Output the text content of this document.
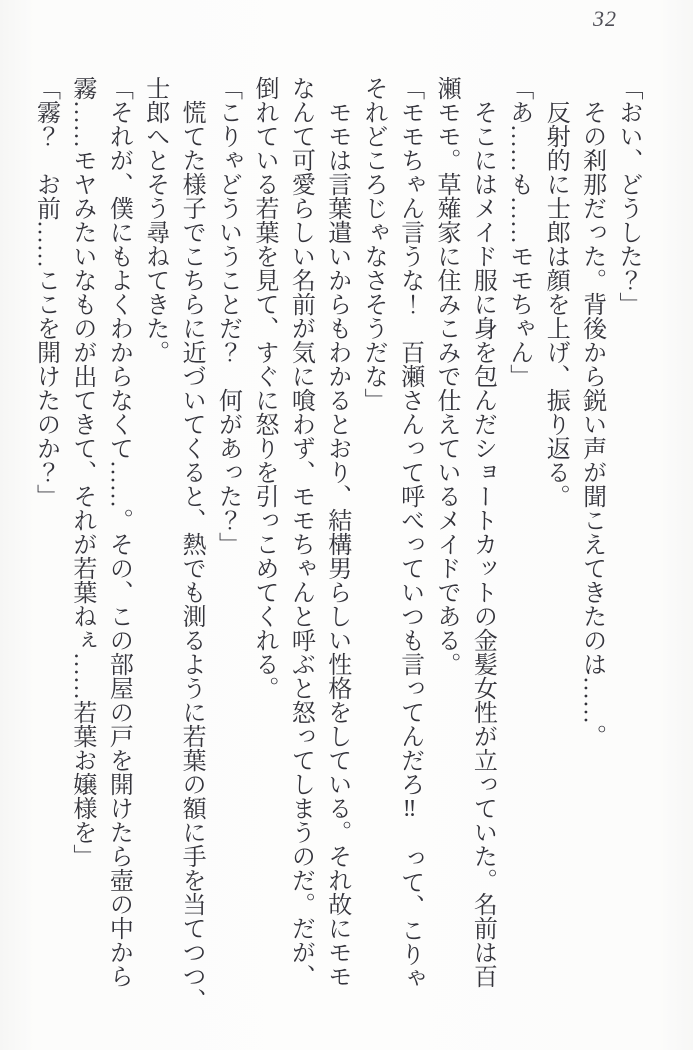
32
「おい、どうした？」
その刹那だった。背後から鋭い声が聞こえてきたのは……。
反射的に士郎は顔を上げ、振り返る。
「あ……も……モモちゃん」
そこにはメイド服に身を包んだショートカットの金髪女性が立っていた。名前は百
瀬モモ。草薙家に住みこみで仕えているメイドである。
「モモちゃん言うな！　百瀬さんって呼べっていつも言ってんだろ‼　って、こりゃ
それどころじゃなさそうだな」
モモは言葉遣いからもわかるとおり、結構男らしい性格をしている。それ故にモモ
なんて可愛らしい名前が気に喰わず、モモちゃんと呼ぶと怒ってしまうのだ。だが、
倒れている若葉を見て、すぐに怒りを引っこめてくれる。
「こりゃどういうことだ？　何があった？」
慌てた様子でこちらに近づいてくると、熱でも測るように若葉の額に手を当てつつ、
士郎へとそう尋ねてきた。
「それが、僕にもよくわからなくて……。その、この部屋の戸を開けたら壺の中から
霧……モヤみたいなものが出てきて、それが若葉ねぇ……若葉お嬢様を」
「霧？　お前……ここを開けたのか？」
